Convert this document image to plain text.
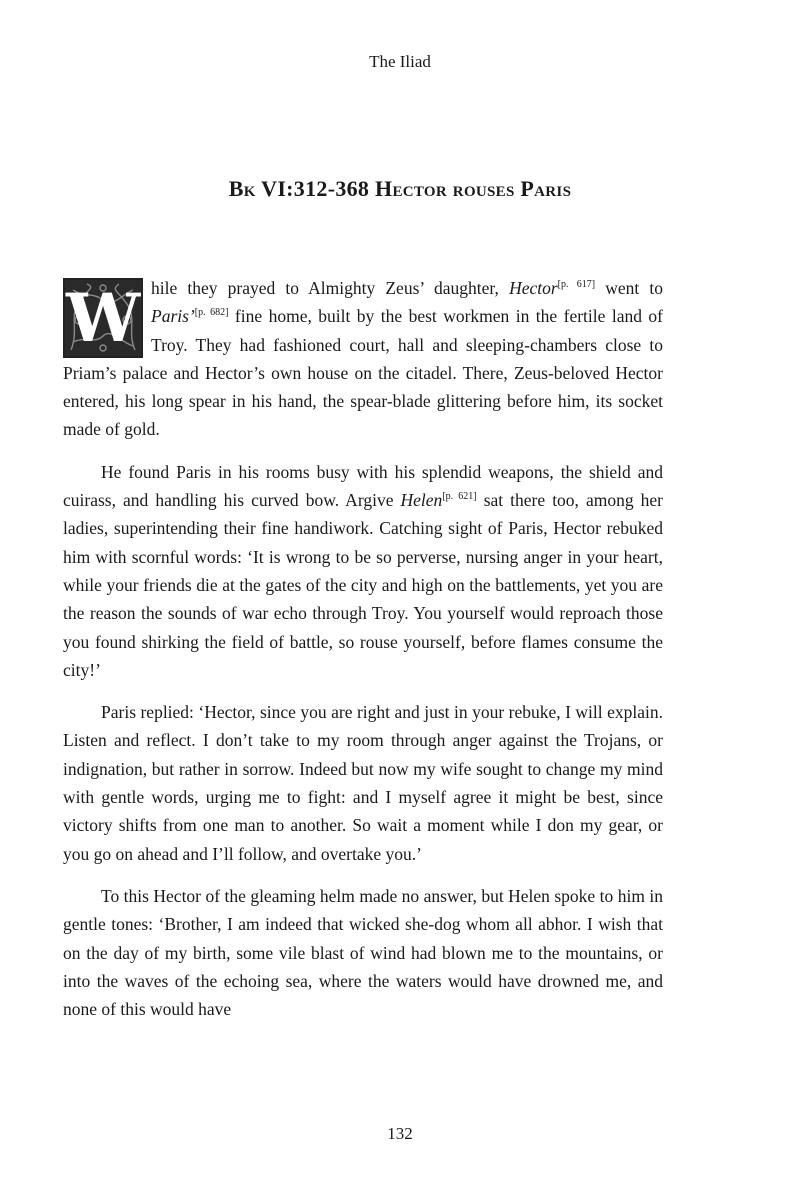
The Iliad
Bk VI:312-368 Hector rouses Paris

W hile they prayed to Almighty Zeus’ daughter, Hector[p. 617] went to Paris’[p. 682] fine home, built by the best workmen in the fertile land of Troy. They had fashioned court, hall and sleeping-chambers close to Priam’s palace and Hector’s own house on the citadel. There, Zeus-beloved Hector entered, his long spear in his hand, the spear-blade glittering before him, its socket made of gold.

He found Paris in his rooms busy with his splendid weapons, the shield and cuirass, and handling his curved bow. Argive Helen[p. 621] sat there too, among her ladies, superintending their fine handiwork. Catching sight of Paris, Hector rebuked him with scornful words: ‘It is wrong to be so perverse, nursing anger in your heart, while your friends die at the gates of the city and high on the battlements, yet you are the reason the sounds of war echo through Troy. You yourself would reproach those you found shirking the field of battle, so rouse yourself, before flames consume the city!’

Paris replied: ‘Hector, since you are right and just in your rebuke, I will explain. Listen and reflect. I don’t take to my room through anger against the Trojans, or indignation, but rather in sorrow. Indeed but now my wife sought to change my mind with gentle words, urging me to fight: and I myself agree it might be best, since victory shifts from one man to another. So wait a moment while I don my gear, or you go on ahead and I’ll follow, and overtake you.’

To this Hector of the gleaming helm made no answer, but Helen spoke to him in gentle tones: ‘Brother, I am indeed that wicked she-dog whom all abhor. I wish that on the day of my birth, some vile blast of wind had blown me to the mountains, or into the waves of the echoing sea, where the waters would have drowned me, and none of this would have

132
